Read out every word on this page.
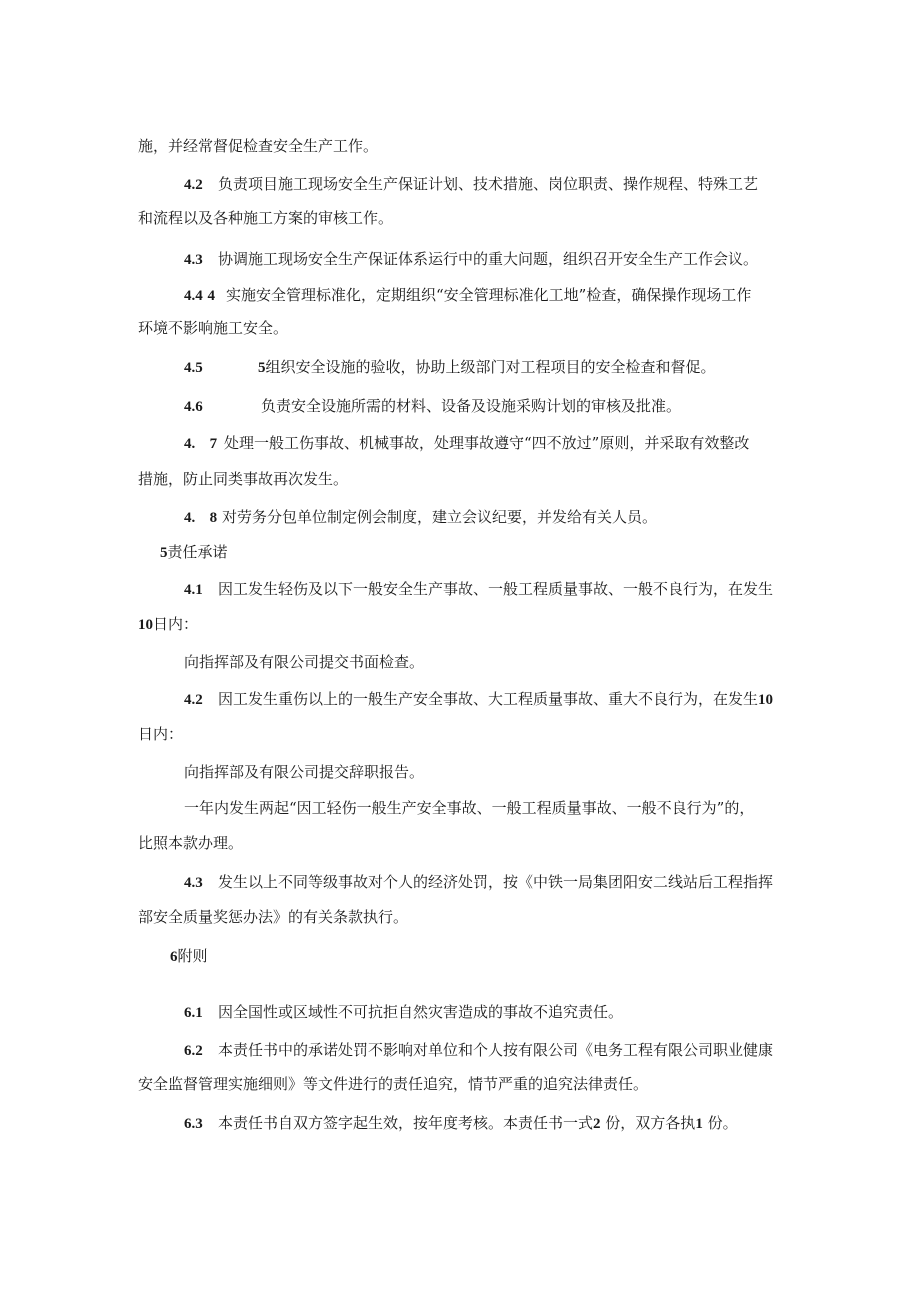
施，并经常督促检查安全生产工作。
4.2 负责项目施工现场安全生产保证计划、技术措施、岗位职责、操作规程、特殊工艺
和流程以及各种施工方案的审核工作。
4.3 协调施工现场安全生产保证体系运行中的重大问题，组织召开安全生产工作会议。
4.4 4 实施安全管理标准化，定期组织“安全管理标准化工地”检查，确保操作现场工作
环境不影响施工安全。
4.5	5组织安全设施的验收，协助上级部门对工程项目的安全检查和督促。
4.6	负责安全设施所需的材料、设备及设施采购计划的审核及批准。
4. 7 处理一般工伤事故、机械事故，处理事故遵守“四不放过”原则，并采取有效整改
措施，防止同类事故再次发生。
4. 8 对劳务分包单位制定例会制度，建立会议纪要，并发给有关人员。
5责任承诺
4.1 因工发生轻伤及以下一般安全生产事故、一般工程质量事故、一般不良行为，在发生
10日内：
向指挥部及有限公司提交书面检查。
4.2 因工发生重伤以上的一般生产安全事故、大工程质量事故、重大不良行为，在发生10
日内：
向指挥部及有限公司提交辞职报告。
一年内发生两起“因工轻伤一般生产安全事故、一般工程质量事故、一般不良行为”的，
比照本款办理。
4.3 发生以上不同等级事故对个人的经济处罚，按《中铁一局集团阳安二线站后工程指挥
部安全质量奖惩办法》的有关条款执行。
6附则
6.1 因全国性或区域性不可抗拒自然灾害造成的事故不追究责任。
6.2 本责任书中的承诺处罚不影响对单位和个人按有限公司《电务工程有限公司职业健康
安全监督管理实施细则》等文件进行的责任追究，情节严重的追究法律责任。
6.3 本责任书自双方签字起生效，按年度考核。本责任书一式2 份，双方各执1 份。
